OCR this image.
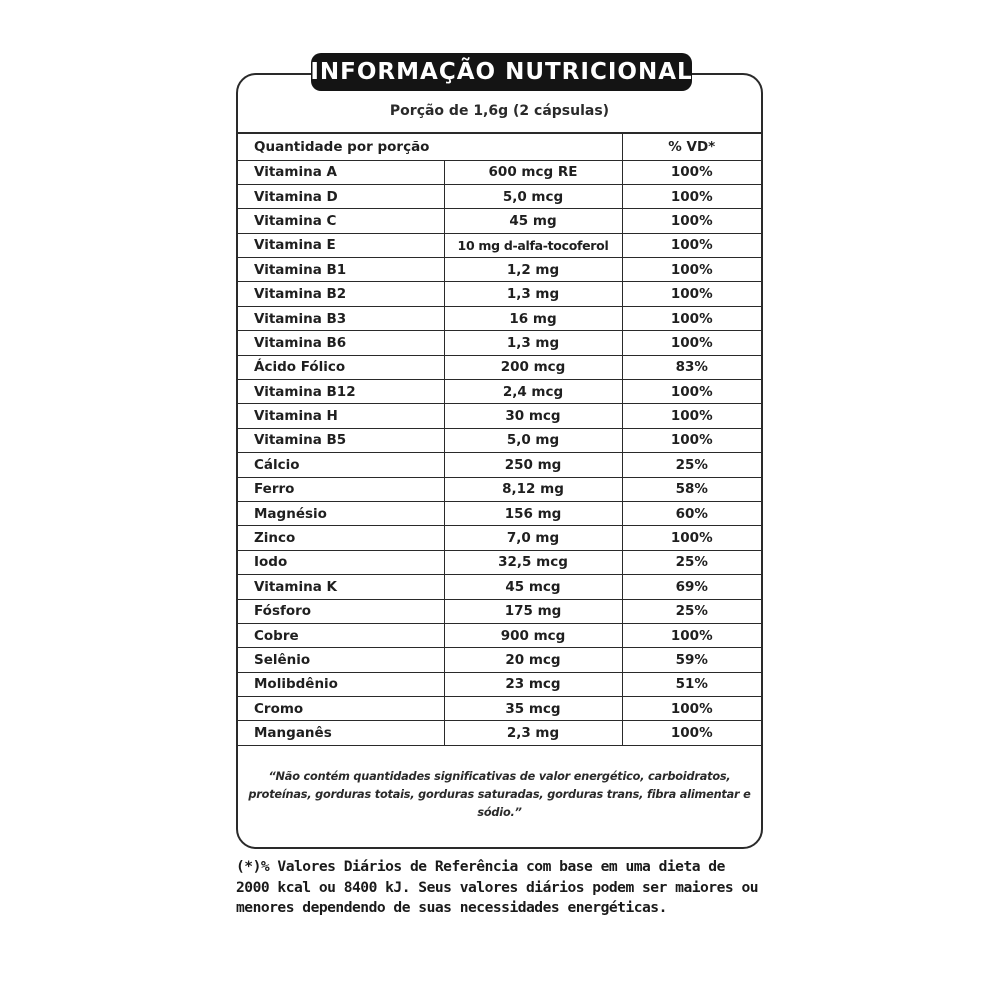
INFORMAÇÃO NUTRICIONAL
Porção de 1,6g (2 cápsulas)
Quantidade por porção		% VD*
Vitamina A	600 mcg RE	100%
Vitamina D	5,0 mcg	100%
Vitamina C	45 mg	100%
Vitamina E	10 mg d-alfa-tocoferol	100%
Vitamina B1	1,2 mg	100%
Vitamina B2	1,3 mg	100%
Vitamina B3	16 mg	100%
Vitamina B6	1,3 mg	100%
Ácido Fólico	200 mcg	83%
Vitamina B12	2,4 mcg	100%
Vitamina H	30 mcg	100%
Vitamina B5	5,0 mg	100%
Cálcio	250 mg	25%
Ferro	8,12 mg	58%
Magnésio	156 mg	60%
Zinco	7,0 mg	100%
Iodo	32,5 mcg	25%
Vitamina K	45 mcg	69%
Fósforo	175 mg	25%
Cobre	900 mcg	100%
Selênio	20 mcg	59%
Molibdênio	23 mcg	51%
Cromo	35 mcg	100%
Manganês	2,3 mg	100%
“Não contém quantidades significativas de valor energético, carboidratos,
proteínas, gorduras totais, gorduras saturadas, gorduras trans, fibra alimentar e sódio.”
(*)% Valores Diários de Referência com base em uma dieta de
2000 kcal ou 8400 kJ. Seus valores diários podem ser maiores ou
menores dependendo de suas necessidades energéticas.
